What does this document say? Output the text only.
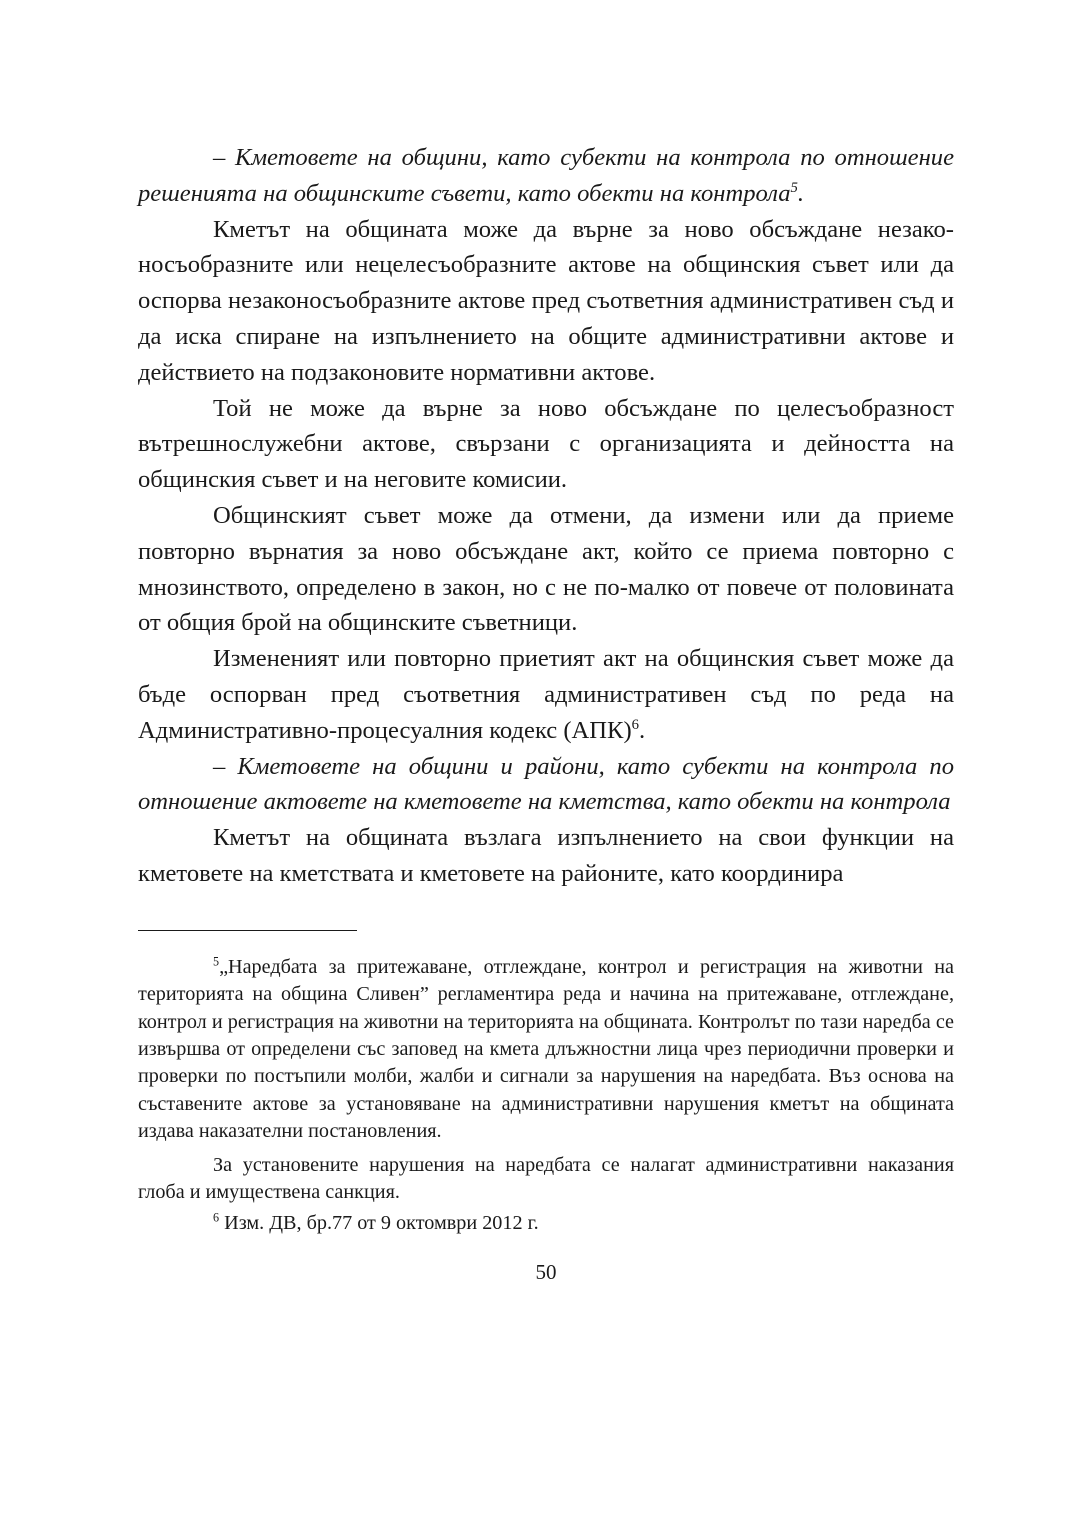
– Кметовете на общини, като субекти на контрола по отношение решенията на общинските съвети, като обекти на контрола$^5$.

Кметът на общината може да върне за ново обсъждане незаконосъобразните или нецелесъобразните актове на общинския съвет или да оспорва незаконосъобразните актове пред съответния административен съд и да иска спиране на изпълнението на общите административни актове и действието на подзаконовите нормативни актове.

Той не може да върне за ново обсъждане по целесъобразност вътрешнослужебни актове, свързани с организацията и дейността на общинския съвет и на неговите комисии.

Общинският съвет може да отмени, да измени или да приеме повторно върнатия за ново обсъждане акт, който се приема повторно с мнозинството, определено в закон, но с не по-малко от повече от половината от общия брой на общинските съветници.

Измененият или повторно приетият акт на общинския съвет може да бъде оспорван пред съответния административен съд по реда на Административно-процесуалния кодекс (АПК)$^6$.

– Кметовете на общини и райони, като субекти на контрола по отношение актовете на кметовете на кметства, като обекти на контрола

Кметът на общината възлага изпълнението на свои функции на кметовете на кметствата и кметовете на районите, като координира

$^5$„Наредбата за притежаване, отглеждане, контрол и регистрация на животни на територията на община Сливен” регламентира реда и начина на притежаване, отглеждане, контрол и регистрация на животни на територията на общината. Контролът по тази наредба се извършва от определени със заповед на кмета длъжностни лица чрез периодични проверки и проверки по постъпили молби, жалби и сигнали за нарушения на наредбата. Въз основа на съставените актове за установяване на административни нарушения кметът на общината издава наказателни постановления.

За установените нарушения на наредбата се налагат административни наказания глоба и имуществена санкция.

$^6$ Изм. ДВ, бр.77 от 9 октомври 2012 г.

50
